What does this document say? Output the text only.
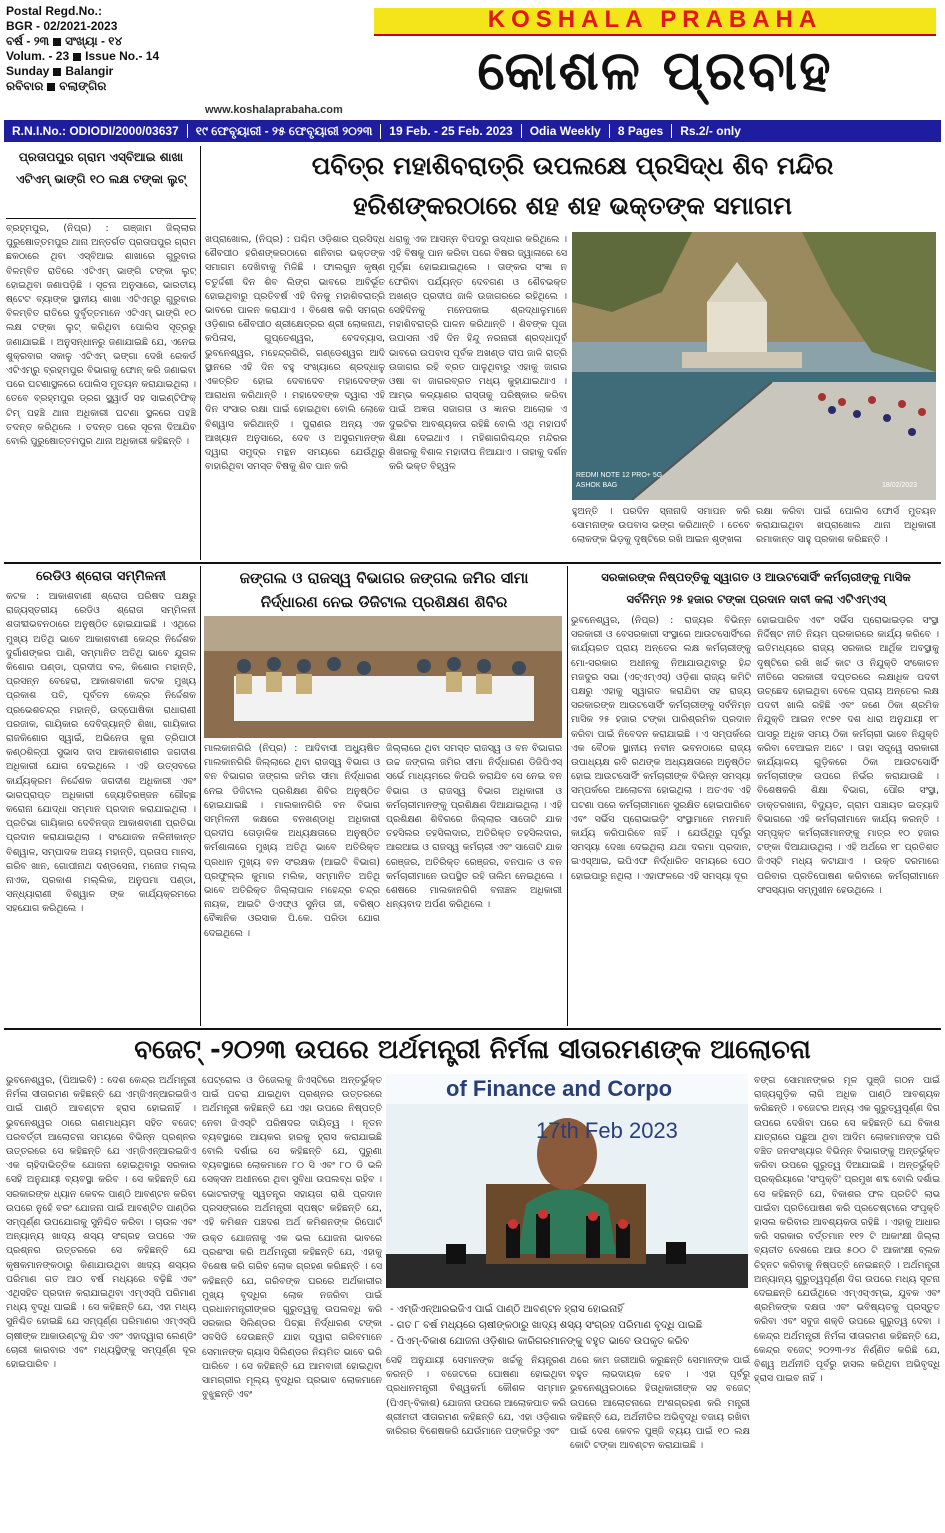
Postal Regd.No.:
BGR - 02/2021-2023
ବର୍ଷ - ୨୩ ସଂଖ୍ୟା - ୧୪
Volum. - 23 Issue No.- 14
Sunday Balangir
ରବିବାର ବଲାଙ୍ଗିର
KOSHALA PRABAHA
କୋଶଳ ପ୍ରବାହ
www.koshalaprabaha.com
R.N.I.No.: ODIODI/2000/03637	୧୯ ଫେବୃୟାରୀ - ୨୫ ଫେବୃୟାରୀ ୨୦୨୩	19 Feb. - 25 Feb. 2023	Odia Weekly	8 Pages	Rs.2/- only
ପ୍ରତାପପୁର ଗ୍ରାମ ଏସ୍‌ବିଆଇ ଶାଖା ଏଟିଏମ୍ ଭାଙ୍ଗି ୧୦ ଲକ୍ଷ ଟଙ୍କା ଲୁଟ୍
ବ୍ରହ୍ମପୁର, (ନିପ୍ର) : ଗଞ୍ଜାମ ଜିଲ୍ଲାର ପୁରୁଷୋତ୍ତମପୁର ଥାନା ଅନ୍ତର୍ଗତ ପ୍ରତାପପୁର ଗ୍ରାମ ଛକଠାରେ ଥିବା ଏସ୍‌ବିଆଇ ଶାଖାରେ ଗୁରୁବାର ବିଳମ୍ବିତ ରାତିରେ ଏଟିଏମ୍ ଭାଙ୍ଗି ଟଙ୍କା ଲୁଟ୍ ହୋଇଥିବା ଜଣାପଡ଼ିଛି । ସୂଚନା ଅନୁସାରେ, ଭାରତୀୟ ଷ୍ଟେଟ ବ୍ୟାଙ୍କ ସ୍ଥାନୀୟ ଶାଖା ଏଟିଏମ୍‌ରୁ ଗୁରୁବାର ବିଳମ୍ବିତ ରାତିରେ ଦୁର୍ବୃତ୍ତମାନେ ଏଟିଏମ୍ ଭାଙ୍ଗି ୧୦ ଲକ୍ଷ ଟଙ୍କା ଲୁଟ୍ କରିଥିବା ପୋଲିସ ସୂତ୍ରରୁ ଜଣାଯାଇଛି । ଅନୁସନ୍ଧାନରୁ ଜଣାଯାଇଛି ଯେ, ଏନେଇ ଶୁକ୍ରବାର ସକାଳୁ ଏଟିଏମ୍ ଭଙ୍ଗା ଦେଖି ରେକର୍ଡ ଏଟିଏମ୍‌ରୁ ବ୍ରହ୍ମପୁର ବିଭାଗକୁ ଫୋନ୍ କରି ଜଣାଇବା ପରେ ଘଟଣାସ୍ଥଳରେ ପୋଲିସ ମୁତୟନ କରାଯାଇଥିଲା । ତେବେ ବ୍ରହ୍ମପୁର ଡ୍ରଗ ସ୍କ୍ୱାର୍ଡ ସହ ସାଇଣ୍ଟିଫିକ୍ ଟିମ୍ ପହଞ୍ଚି ଥାନା ଅଧିକାରୀ ଘଟଣା ସ୍ଥଳରେ ପହଞ୍ଚି ତଦନ୍ତ କରିଥିଲେ । ତଦନ୍ତ ପରେ ସୂଚନା ଦିଆଯିବ ବୋଲି ପୁରୁଷୋତ୍ତମପୁର ଥାନା ଅଧିକାରୀ କହିଛନ୍ତି ।
ପବିତ୍ର ମହାଶିବରାତ୍ରି ଉପଲକ୍ଷେ ପ୍ରସିଦ୍ଧ ଶିବ ମନ୍ଦିର
ହରିଶଙ୍କରଠାରେ ଶହ ଶହ ଭକ୍ତଙ୍କ ସମାଗମ
ଖପ୍ରାଖୋଲ, (ନିପ୍ର) : ପଶ୍ଚିମ ଓଡ଼ିଶାର ପ୍ରସିଦ୍ଧ ଶୈବପୀଠ ହରିଶଙ୍କରଠାରେ ଶନିବାର ଭକ୍ତଙ୍କ ସମାଗମ ଦେଖିବାକୁ ମିଳିଛି । ଫାଲଗୁନ କୃଷ୍ଣ ଚତୁର୍ଦ୍ଦଶୀ ଦିନ ଶିବ ଲିଙ୍ଗ ଭାବରେ ଆବିର୍ଭୂତ ହୋଇଥିବାରୁ ପ୍ରତିବର୍ଷ ଏହି ଦିନକୁ ମହାଶିବରାତ୍ରି ଭାବରେ ପାଳନ କରାଯାଏ । ବିଶେଷ କରି ସମଗ୍ର ଓଡ଼ିଶାର ଶୈବପୀଠ ଶ୍ରୀକ୍ଷେତ୍ରର ଶ୍ରୀ ଲୋକନାଥ, କପିଳାସ, ଗୁପ୍ତେଶ୍ୱର, ବେଦବ୍ୟାସ, ଭୁବନେଶ୍ୱର, ମହେନ୍ଦ୍ରଗିରି, ଗଣ୍ଡେଶ୍ୱର ଆଦି ସ୍ଥାନରେ ଏହି ଦିନ ବହୁ ସଂଖ୍ୟାରେ ଶ୍ରଦ୍ଧାଳୁ ଏକତ୍ରିତ ହୋଇ ଦେବାଦେବ ମହାଦେବଙ୍କ ଆରାଧନା କରିଥାନ୍ତି । ମହାଦେବଙ୍କ ଦ୍ୱାରା ଏହି ଦିନ ସଂସାର ରକ୍ଷା ପାଇଁ ହୋଇଥିବା ବୋଲି ଲୋକେ ବିଶ୍ୱାସ କରିଥାନ୍ତି । ପୁରାଣର ଅନ୍ୟ ଏକ ଆଖ୍ୟାନ ଅନୁସାରେ, ଦେବ ଓ ଅସୁରମାନଙ୍କ ଦ୍ୱାରା ସମୁଦ୍ର ମନ୍ଥନ ସମୟରେ ଯେଉଁଥିରୁ ବାହାରିଥିବା ସମସ୍ତ ବିଷକୁ ଶିବ ପାନ କରି
ଧରାକୁ ଏକ ଆସନ୍ନ ବିପଦରୁ ଉଦ୍ଧାର କରିଥିଲେ । ଏହି ବିଷକୁ ପାନ କରିବା ପରେ ବିଷର ଜ୍ୱାଳାରେ ସେ ମୁର୍ଚ୍ଛା ହୋଇଯାଇଥିଲେ । ତାଙ୍କର ସଂଜ୍ଞା ନ ଫେରିବା ପର୍ଯ୍ୟନ୍ତ ଦେବଗଣ ଓ ଶୈବଭକ୍ତ ଅଖଣ୍ଡ ପ୍ରଦୀପ ଜାଳି ଉଜାଗରରେ ରହିଥିଲେ । ସେହିଦିନକୁ ମନେପକାଇ ଶ୍ରଦ୍ଧାଳୁମାନେ ମହାଶିବରାତ୍ରି ପାଳନ କରିଥାନ୍ତି । ଶିବଙ୍କ ପୂଜା ଉପାସନା ଏହି ଦିନ ହିନ୍ଦୁ ନରନାରୀ ଶ୍ରଦ୍ଧାପୂର୍ବ ଭାବରେ ଉପବାସ ପୂର୍ବକ ଅଖଣ୍ଡ ଦୀପ ଜାଳି ରାତ୍ରି ଉଜାଗର ରହି ବ୍ରତ ପାଳୁଥିବାରୁ ଏହାକୁ ଜାଗର ଓଷା ବା ଜାଗରବ୍ରତ ମଧ୍ୟ କୁହାଯାଇଥାଏ । ଆମ୍ଭ କଳ୍ୟାଣର ରାସ୍ତାକୁ ପରିଷ୍କାର କରିବା ପାଇଁ ଅଜ୍ଞତା ସଜାଗତା ଓ ଜ୍ଞାନର ଆଲୋକ ଏ ଦୁଇଟିର ଆବଶ୍ୟକତା ରହିଛି ବୋଲି ଏଥି ମହାପର୍ବ ଶିକ୍ଷା ଦେଇଥାଏ । ମହିଶାଗରିଶ୍ଚନ୍ଦ୍ର ମନ୍ଦିରର ଶିଖରକୁ ବିଶାଳ ମହାଦୀପ ନିଆଯାଏ । ତାହାକୁ ଦର୍ଶନ କରି ଭକ୍ତ ବିହ୍ୱଳ
REDMI NOTE 12 PRO+ 5G
ASHOK BAG	18/02/2023
ହୁଅନ୍ତି । ପରଦିନ ସ୍ନାନାଦି ସମାପନ କରି ସୋମନାଙ୍କ ଉପବାସ ଭଙ୍ଗ କରିଥାନ୍ତି । ତେବେ ଲୋକଙ୍କ ଭିଡ଼କୁ ଦୃଷ୍ଟିରେ ରଖି ଆଇନ ଶୃଙ୍ଖଳା
ରକ୍ଷା କରିବା ପାଇଁ ପୋଲିସ ଫୋର୍ସ ମୁତୟନ କରାଯାଇଥିବା ଖପ୍ରାଖୋଲ ଥାନା ଅଧିକାରୀ ରମାକାନ୍ତ ସାହୁ ପ୍ରକାଶ କରିଛନ୍ତି ।
ରେଡିଓ ଶ୍ରୋତା ସମ୍ମିଳନୀ
କଟକ : ଆକାଶବାଣୀ ଶ୍ରୋତା ପରିଷଦ ପକ୍ଷରୁ ରାଜ୍ୟସ୍ତରୀୟ ରେଡିଓ ଶ୍ରୋତା ସମ୍ମିଳନୀ ଶତାବ୍ଦୀଭବନଠାରେ ଅନୁଷ୍ଠିତ ହୋଇଯାଇଛି । ଏଥିରେ ମୁଖ୍ୟ ଅତିଥି ଭାବେ ଆକାଶବାଣୀ କେନ୍ଦ୍ର ନିର୍ଦ୍ଦେଶକ ଦୁର୍ଗାଶଙ୍କର ପାଣି, ସମ୍ମାନିତ ଅତିଥି ଭାବେ ଯୁଗଳ କିଶୋର ପଣ୍ଡା, ପ୍ରଦୀପ ବଳ, କିଶୋର ମହାନ୍ତି, ପ୍ରସନ୍ନ ବେହେରା, ଆକାଶବାଣୀ କଟକ ମୁଖ୍ୟ ପ୍ରକାଶ ପତି, ପୂର୍ବତନ କେନ୍ଦ୍ର ନିର୍ଦ୍ଦେଶକ ପ୍ରଭେଶଚନ୍ଦ୍ର ମହାନ୍ତି, ଉଦ୍‌ଘୋଷିକା ରାଧାରାଣୀ ପରଜାକ, ଗାୟିକାର ଦେବିଜ୍ୟାନ୍ତି ଶିଖା, ଗାୟିକାର ରାଜକିଶୋର ସ୍ୱାଇଁ, ଅଭିନେତା କୁନା ତ୍ରିପାଠୀ କଣ୍ଠଶିଳ୍ପୀ ସୁଭାସ ଦାସ ଆକାଶବାଣୀର ଜଗଦୀଶ ଅଧିକାରୀ ଯୋଗ ଦେଇଥିଲେ । ଏହି ଉତ୍ସବରେ କାର୍ଯ୍ୟକ୍ରମ ନିର୍ଦ୍ଦେଶକ ଜଗଦୀଶ ଅଧିକାରୀ ଏବଂ ଭାରପ୍ରାପ୍ତ ଅଧିକାରୀ ଜ୍ୟୋତିରଞ୍ଜନ ଗୌଚ୍ଛ କରୋନା ଯୋଦ୍ଧା ସମ୍ମାନ ପ୍ରଦାନ କରାଯାଇଥିଲା । ପ୍ରତିଭା ଗାୟିକାର ଦେବିନଜ୍ଜ ଆକାଶବାଣୀ ପ୍ରତିଭା ପ୍ରଦାନ କରାଯାଇଥିଲା । ସଂଯୋଜକ ନଳିନୀକାନ୍ତ ବିଶ୍ୱାଳ, ସମ୍ପାଦକ ଅଜୟ ମହାନ୍ତି, ପ୍ରତାପ ମାନସ, ଗରିବ ଖାନ, ଗୋପୀନାଥ ଦଣ୍ଡସେନା, ମନୋଜ ମଲ୍ଲ ନାଏକ, ପ୍ରକାଶ ମଲ୍ଲିକ, ଅନୁପମା ପଣ୍ଡା, ସନ୍ଧ୍ୟାରାଣୀ ବିଶ୍ୱାଳ ଙ୍କ କାର୍ଯ୍ୟକ୍ରମରେ ସହଯୋଗ କରିଥିଲେ ।
ଜଙ୍ଗଲ ଓ ରାଜସ୍ୱ ବିଭାଗର ଜଙ୍ଗଲ ଜମିର ସୀମା
ନିର୍ଦ୍ଧାରଣ ନେଇ ଡିଜିଟାଲ ପ୍ରଶିକ୍ଷଣ ଶିବିର
ମାଲକାନଗିରି (ନିପ୍ର) : ଆଦିବାସୀ ଅଧ୍ୟୁଷିତ ମାଲକାନଗିରି ଜିଲ୍ଲାରେ ଥିବା ରାଜସ୍ୱ ବିଭାଗ ଓ ବନ ବିଭାଗର ଜଙ୍ଗଲ ଜମିର ସୀମା ନିର୍ଦ୍ଧାରଣ ନେଇ ଡିଜିଟାଲ ପ୍ରଶିକ୍ଷଣ ଶିବିର ଅନୁଷ୍ଠିତ ହୋଇଯାଇଛି । ମାଲକାନଗିରି ବନ ବିଭାଗ ସମ୍ମିଳନୀ କକ୍ଷରେ ବନଖଣ୍ଡାଧି ଅଧିକାରୀ ପ୍ରଦୀପ ତୋଡ଼ାଳିକ ଅଧ୍ୟକ୍ଷତାରେ ଅନୁଷ୍ଠିତ କର୍ମଶାଳାରେ ମୁଖ୍ୟ ଅତିଥି ଭାବେ ଅତିରିକ୍ତ ପ୍ରଧାନ ମୁଖ୍ୟ ବନ ସଂରକ୍ଷକ (ଆଇଟି ବିଭାଗ) ପ୍ରଫୁଲ୍ଲ କୁମାର ମଲିକ, ସମ୍ମାନିତ ଅତିଥି ଭାବେ ଅତିରିକ୍ତ ଜିଲ୍ଲାପାଳ ମହେନ୍ଦ୍ର ଚନ୍ଦ୍ର ନାୟକ, ଆଇଟି ଡିଏଫ୍‌ଓ ସୁନିତା ଜୀ, ବରିଷ୍ଠ ବୈଜ୍ଞାନିକ ଓରସାକ ପି.କେ. ପରିଡା ଯୋଗ ଦେଇଥିଲେ ।
ଜିଲ୍ଲାରେ ଥିବା ସମସ୍ତ ରାଜସ୍ୱ ଓ ବନ ବିଭାଗର ଉଚ୍ଚ ଜଙ୍ଗଲ ଜମିର ସୀମା ନିର୍ଦ୍ଧାରଣ ଡିଜିପିଏସ୍ ସର୍ଭେ ମାଧ୍ୟମରେ କିପରି କରାଯିବ ସେ ନେଇ ବନ ବିଭାଗ ଓ ରାଜସ୍ୱ ବିଭାଗ ଅଧିକାରୀ ଓ କର୍ମଚାରୀମାନଙ୍କୁ ପ୍ରଶିକ୍ଷଣ ଦିଆଯାଇଥିଲା । ଏହି ପ୍ରଶିକ୍ଷଣ ଶିବିରରେ ଜିଲ୍ଲାର ସାତୋଟି ଯାକ ତହସିଲର ତହସିଲଦାର, ଅତିରିକ୍ତ ତହସିଲଦାର, ଆରଆଇ ଓ ରାଜସ୍ୱ କର୍ମଚାରୀ ଏବଂ ସାତୋଟି ଯାକ ରେଞ୍ଜର, ଅତିରିକ୍ତ ରେଞ୍ଜର, ବନପାଳ ଓ ବନ କର୍ମଚାରୀମାନେ ଉପସ୍ଥିତ ରହି ତାଲିମ ନେଇଥିଲେ । ଶେଷରେ ମାଲକାନଗିରି ବନାଞ୍ଚଳ ଅଧିକାରୀ ଧନ୍ୟବାଦ ଅର୍ପଣ କରିଥିଲେ ।
ସରକାରଙ୍କ ନିଷ୍ପତ୍ତିକୁ ସ୍ୱାଗତ ଓ ଆଉଟସୋର୍ସିଂ କର୍ମଚାରୀଙ୍କୁ ମାସିକ
ସର୍ବନିମ୍ନ ୨୫ ହଜାର ଟଙ୍କା ପ୍ରଦାନ ଦାବୀ କଲା ଏଟିଏମ୍‌ଏସ୍
ଭୁବନେଶ୍ୱର, (ନିପ୍ର) : ରାଜ୍ୟର ବିଭିନ୍ନ ସରକାରୀ ଓ ବେସରକାରୀ ସଂସ୍ଥାରେ ଆଉଟସୋର୍ସିଂରେ କାର୍ଯ୍ୟରତ ପ୍ରାୟ ଅନ୍ତେର ଲକ୍ଷ କର୍ମଚାରୀଙ୍କୁ ମୋ-ସରକାର ଅଧୀନକୁ ନିଆଯାଉଥିବାରୁ ହିନ୍ଦ ମଜଦୁର ସଭା (ଏଚ୍ଏମ୍ଏସ୍) ଓଡ଼ିଶା ରାଜ୍ୟ କମିଟି ପକ୍ଷରୁ ଏହାକୁ ସ୍ୱାଗତ କରାଯିବା ସହ ରାଜ୍ୟ ସରକାରଙ୍କ ଆଉଟସୋର୍ସିଂ କର୍ମଚାରୀଙ୍କୁ ସର୍ବନିମ୍ନ ମାସିକ ୨୫ ହଜାର ଟଙ୍କା ପାରିଶ୍ରମିକ ପ୍ରଦାନ କରିବା ପାଇଁ ନିବେଦନ କରାଯାଇଛି । ଏ ସମ୍ପର୍କରେ ଏକ ବୈଠକ ସ୍ଥାନୀୟ ନବୀନ ଭବନଠାରେ ରାଜ୍ୟ ଉପାଧ୍ୟକ୍ଷ ରବି ରଥଙ୍କ ଅଧ୍ୟକ୍ଷତାରେ ଅନୁଷ୍ଠିତ ହୋଇ ଆଉଟସୋର୍ସିଂ କର୍ମଚାରୀଙ୍କ ବିଭିନ୍ନ ସମସ୍ୟା ସମ୍ପର୍କରେ ଆଲୋଚନା ହୋଇଥିଲା । ଅତଏବ ଏହି ଘଟଣା ପରେ କର୍ମଚାରୀମାନେ ସୁରକ୍ଷିତ ହୋଇପାରିବେ ଏବଂ ସର୍ଭିସ ପ୍ରୋଭାଇଡ଼ିଂ ସଂସ୍ଥାମାନେ ମନମାନି କାର୍ଯ୍ୟ କରିପାରିବେ ନାହିଁ । ଯେଉଁଥିରୁ ପୂର୍ବରୁ ସମସ୍ୟା ଦେଖା ଦେଇଥିଲା ଯଥା ଦରମା ପ୍ରଦାନ, ଇଏସ୍‌ଆଇ, ଇପିଏଫ ନିର୍ଦ୍ଧାରିତ ସମୟରେ ପେଠ ହୋଇପାରୁ ନଥିଲା । ଏହାଫଳରେ ଏହି ସମସ୍ୟା ଦୂର
ହୋଇପାରିବ ଏବଂ ସର୍ଭିସ ପ୍ରୋଭାଇଡ଼ର ସଂସ୍ଥା ନିର୍ଦ୍ଦିଷ୍ଟ ନୀତି ନିୟମ ପ୍ରକାରରେ କାର୍ଯ୍ୟ କରିବେ । ଇତିମଧ୍ୟରେ ରାଜ୍ୟ ସରକାର ଆର୍ଥିକ ଅବସ୍ଥାକୁ ଦୃଷ୍ଟିରେ ରଖି ଖର୍ଚ୍ଚ କାଟ ଓ ନିଯୁକ୍ତି ସଂକୋଚନ ନୀତିରେ ସରକାରୀ ଦପ୍ତରରେ ଲକ୍ଷାଧିକ ପଦବୀ ଉଚ୍ଛେଦ ହୋଇଥିବା ବେଳେ ପ୍ରାୟ ଅନ୍ତେର ଲକ୍ଷ ପଦବୀ ଖାଲି ରହିଛି ଏବଂ ଜଣେ ଠିକା ଶ୍ରମିକ ନିଯୁକ୍ତି ଆଇନ ୧୯୭୧ ଦଶ ଧାରା ଅନୁଯାୟୀ ୧୮ ପାସରୁ ଅଧିକ ସମୟ ଠିକା କର୍ମଚାରୀ ଭାବେ ନିଯୁକ୍ତି କରିବା ବେଆଇନ ଅଟେ । ତାହା ସତ୍ତ୍ୱେ ସରକାରୀ କାର୍ଯ୍ୟାଳୟ ଗୁଡ଼ିକରେ ଠିକା ଆଉଟସୋର୍ସିଂ କର୍ମଚାରୀଙ୍କ ଉପରେ ନିର୍ଭର କରାଯାଉଛି । ବିଶେଷକରି ଶିକ୍ଷା ବିଭାଗ, ପୌର ସଂସ୍ଥା, ଡାକ୍ତରଖାନା, ବିଦ୍ୟୁତ, ଗ୍ରାମ ପଞ୍ଚାୟତ ଇତ୍ୟାଦି ବିଭାଗରେ ଏହି କର୍ମଚାରୀମାନେ କାର୍ଯ୍ୟ କରନ୍ତି । ସମ୍ପୃକ୍ତ କର୍ମଚାରୀମାନଙ୍କୁ ମାତ୍ର ୧୦ ହଜାର ଟଙ୍କା ଦିଆଯାଉଥିଲା । ଏହି ଅର୍ଥରେ ୧୮ ପ୍ରତିଶତ ଜିଏସ୍‌ଟି ମଧ୍ୟ କଟାଯାଏ । ଉକ୍ତ ଦରମାରେ ପରିବାର ପ୍ରତିପୋଷଣ କରିବାରେ କର୍ମଚାରୀମାନେ ସଂସସ୍ୟାର ସମ୍ମୁଖୀନ ହେଉଥିଲେ ।
ବଜେଟ୍ -୨୦୨୩ ଉପରେ ଅର୍ଥମନ୍ତ୍ରୀ ନିର୍ମଳା ସୀତାରମଣଙ୍କ ଆଲୋଚନା
ଭୁବନେଶ୍ୱର, (ପିଆଇବି) : ଦେଶ କେନ୍ଦ୍ର ଅର୍ଥମନ୍ତ୍ରୀ ନିର୍ମଳା ସୀତାରମଣ କହିଛନ୍ତି ଯେ ଏମ୍‌ଜିଏନ୍‌ଆରଇଜିଏ ପାଇଁ ପାଣ୍ଠି ଆବଣ୍ଟନ ହ୍ରାସ ହୋଇନାହିଁ । ଭୁବନେଶ୍ୱର ଠାରେ ଗଣମାଧ୍ୟମ ସହିତ ବଜେଟ୍ ପରବର୍ତ୍ତୀ ଆଲୋଚନା ସମୟରେ ବିଭିନ୍ନ ପ୍ରଶ୍ନର ଉତ୍ତରରେ ସେ କହିଛନ୍ତି ଯେ ଏମ୍‌ଜିଏନ୍‌ଆରଇଜିଏ ଏକ ଚାହିଦାଭିତ୍ତିକ ଯୋଜନା ହୋଇଥିବାରୁ ସରକାର ସେହି ଅନୁଯାୟୀ ବ୍ୟବସ୍ଥା କରିବ । ସେ କହିଛନ୍ତି ଯେ ସରକାରଙ୍କ ଧ୍ୟାନ କେବଳ ପାଣ୍ଠି ଆବଣ୍ଟନ କରିବା ଉପରେ ନୁହେଁ ବରଂ ଯୋଜନା ପାଇଁ ଆବଣ୍ଟିତ ପାଣ୍ଠିର ସମ୍ପୂର୍ଣ୍ଣ ଉପଯୋଗକୁ ସୁନିଶ୍ଚିତ କରିବା । ଚାଉଳ ଏବଂ ଅନ୍ୟାନ୍ୟ ଖାଦ୍ୟ ଶସ୍ୟ ସଂଗ୍ରହ ଉପରେ ଏକ ପ୍ରଶ୍ନର ଉତ୍ତରରେ ସେ କହିଛନ୍ତି ଯେ କୃଷକମାନଙ୍କଠାରୁ କିଣାଯାଉଥିବା ଖାଦ୍ୟ ଶସ୍ୟର ପରିମାଣ ଗତ ଆଠ ବର୍ଷ ମଧ୍ୟରେ ବଢ଼ିଛି ଏବଂ ଏଥିସହିତ ପ୍ରଦାନ କରାଯାଇଥିବା ଏମ୍‌ଏସ୍‌ପି ପରିମାଣ ମଧ୍ୟ ବୃଦ୍ଧି ପାଇଛି । ସେ କହିଛନ୍ତି ଯେ, ଏହା ମଧ୍ୟ ସୁନିଶ୍ଚିତ ହୋଇଛି ଯେ ସମ୍ପୂର୍ଣ୍ଣ ପରିମାଣର ଏମ୍‌ଏସ୍‌ପି ଚାଷୀଙ୍କ ଆକାଉଣ୍ଟକୁ ଯିବ ଏବଂ ଏହାଦ୍ୱାରା ଲେଣ୍ଡିଂ ଚୋରୀ କାରବାର ଏବଂ ମଧ୍ୟସ୍ଥିଙ୍କୁ ସମ୍ପୂର୍ଣ୍ଣ ଦୂର ହୋଇପାରିବ ।
ପେଟ୍ରୋଲ ଓ ଡିଜେଲକୁ ଜିଏସ୍‌ଟିରେ ଅନ୍ତର୍ଭୁକ୍ତ ପାଇଁ ପଚରା ଯାଇଥିବା ପ୍ରଶ୍ନର ଉତ୍ତରରେ ଅର୍ଥମନ୍ତ୍ରୀ କହିଛନ୍ତି ଯେ ଏହା ଉପରେ ନିଷ୍ପତ୍ତି ନେବା ଜିଏସ୍‌ଟି ପରିଷଦର ଦାୟିତ୍ୱ । ନୂତନ ବ୍ୟବସ୍ଥାରେ ଆୟକର ହାରକୁ ହ୍ରାସ କରାଯାଇଛି ବୋଲି ଦର୍ଶାଇ ସେ କହିଛନ୍ତି ଯେ, ପୁରୁଣା ବ୍ୟବସ୍ଥାରେ ଲୋକମାନେ ୮୦ ସି ଏବଂ ୮୦ ଡି ଭଳି ସେକ୍ସନ ଅଧୀନରେ ଥିବା ସୁବିଧା ଉପଲବ୍ଧ ରହିବ । ଭୋଟରଙ୍କୁ ସ୍ୱତନ୍ତ୍ର ସହାୟତା ରାଶି ପ୍ରଦାନ ପ୍ରସଙ୍ଗରେ ଅର୍ଥମନ୍ତ୍ରୀ ସ୍ପଷ୍ଟ କହିଛନ୍ତି ଯେ, ଏହି କମିଶନ ପଞ୍ଚଦଶ ଅର୍ଥ କମିଶନଙ୍କ ରିପୋର୍ଟ
of Finance and Corpo
17th Feb 2023
- ଏମ୍‌ଜିଏନ୍‌ଆରଇଜିଏ ପାଇଁ ପାଣ୍ଠି ଆବଣ୍ଟନ ହ୍ରାସ ହୋଇନାହିଁ
- ଗତ ୮ ବର୍ଷ ମଧ୍ୟରେ ଚାଷୀଙ୍କଠାରୁ ଖାଦ୍ୟ ଶସ୍ୟ ସଂଗ୍ରହ ପରିମାଣ ବୃଦ୍ଧି ପାଇଛି
- ପିଏମ୍-ବିକାଶ ଯୋଜନା ଓଡ଼ିଶାର କାରିଗରମାନଙ୍କୁ ବହୁତ ଭାବେ ଉପକୃତ କରିବ
ଉକ୍ତ ଯୋଜନାକୁ ଏକ ଭଲ ଯୋଜନା ଭାବରେ ପ୍ରଶଂସା କରି ଅର୍ଥମନ୍ତ୍ରୀ କହିଛନ୍ତି ଯେ, ଏହାକୁ ବିଶେଷ କରି ଗରିବ ଲୋକ ଗ୍ରହଣ କରିଛନ୍ତି । ସେ କହିଛନ୍ତି ଯେ, ଗରିବଙ୍କ ଘରରେ ଅର୍ଥକାରୀର ମୁଖ୍ୟ ବୃଦ୍ଧିର ଲୋକ ନଜରିବା ପାଇଁ ପ୍ରଧାନମନ୍ତ୍ରୀଙ୍କର ଗୁରୁତ୍ୱକୁ ଉପଲବ୍ଧି କରି ସରକାର ସିଲିଣ୍ଡର ପିଚ୍ଛା ନିର୍ଦ୍ଧାରଣ ଟଙ୍କା ସବସିଡି ଦେଉଛନ୍ତି ଯାହା ଦ୍ୱାରା ଗରିବମାନେ ସେମାନଙ୍କ ଗ୍ୟାସ ସିଲିଣ୍ଡର ନିୟମିତ ଭାବେ ଭରି ପାରିବେ । ସେ କହିଛନ୍ତି ଯେ ଆମବାଜୀ ହୋଇଥିବା ସାମଗ୍ରୀର ମୂଲ୍ୟ ବୃଦ୍ଧିର ପ୍ରଭାବ ଲୋକମାନେ ବୁଝୁଛନ୍ତି ଏବଂ
ସେହି ଅନୁଯାୟୀ ସେମାନଙ୍କ ଖର୍ଚ୍ଚକୁ ନିୟନ୍ତ୍ରଣ କରନ୍ତି । ବଜେଟରେ ଘୋଷଣା ହୋଇଥିବା ପ୍ରଧାନମନ୍ତ୍ରୀ ବିଶ୍ୱକର୍ମା କୌଶଳ ସମ୍ମାନ (ପିଏମ୍-ବିକାଶ) ଯୋଜନା ଉପରେ ଆଲୋକପାତ କରି ଶ୍ରୀମତୀ ସୀତାରମଣ କହିଛନ୍ତି ଯେ, ଏହା ଓଡ଼ିଶାର କାରିଗର ବିଶେଷକରି ଯେଉଁମାନେ ପଙ୍କତିରୁ ଏବଂ
ଥରେ କାମ ଜରୀଆରି କରୁଛନ୍ତି ସେମାନଙ୍କ ପାଇଁ ବହୁତ ଲାଭଦାୟକ ହେବ । ଏହା ପୂର୍ବରୁ ଭୁବନେଶ୍ୱରଠାରେ ହିତାଧିକାରୀଙ୍କ ସହ ବଜେଟ୍ ଉପରେ ଆଲୋଚନାରେ ଅଂଶଗ୍ରହଣ କରି ମନ୍ତ୍ରୀ କହିଛନ୍ତି ଯେ, ଅର୍ଥନୀତିର ଅଭିବୃଦ୍ଧି ବଜାୟ ରଖିବା ପାଇଁ ଦେଶ କେବଳ ପୁଞ୍ଜି ବ୍ୟୟ ପାଇଁ ୧୦ ଲକ୍ଷ କୋଟି ଟଙ୍କା ଆବଣ୍ଟନ କରାଯାଇଛି ।
ବଙ୍ଗ ସୋମାନଙ୍କର ମୂଳ ପୁଞ୍ଜି ଗଠନ ପାଇଁ ରାଜ୍ୟଗୁଡ଼ିକ ଲାଗି ଅଧିକ ପାଣ୍ଠି ଆବଶ୍ୟକ କରିଛନ୍ତି । ବଜେଟର ଅନ୍ୟ ଏକ ଗୁରୁତ୍ୱପୂର୍ଣ୍ଣ ଦିଗ ଉପରେ ଦେଖିବା ପରେ ସେ କହିଛନ୍ତି ଯେ ବିକାଶ ଯାତ୍ରାରେ ପଛୁଆ ଥିବା ଆଦିମ ଲୋକମାନଙ୍କ ପରି ବଞ୍ଚିତ ଜନସଂଖ୍ୟାର ବିଭିନ୍ନ ବିଭାଗଙ୍କୁ ଅନ୍ତର୍ଭୁକ୍ତ କରିବା ଉପରେ ଗୁରୁତ୍ୱ ଦିଆଯାଇଛି । ଅନ୍ତର୍ଭୁକ୍ତି ପ୍ରକ୍ରିୟାରେ 'ସଂପୃକ୍ତି' ପ୍ରମୁଖ ଶବ୍ଦ ବୋଲି ଦର୍ଶାଇ ସେ କହିଛନ୍ତି ଯେ, ବିକାଶର ଫଳ ପ୍ରତିଟି ଲାଭ ପାଇଁବା ପ୍ରତିପୋଷଣ କରି ପ୍ରଚେଷ୍ଟାରେ ସଂପୃକ୍ତି ହାସଲ କରିବାର ଆବଶ୍ୟକତା ରହିଛି । ଏହାକୁ ଆଧାର କରି ସରକାର ବର୍ତ୍ତମାନ ୧୧୨ ଟି ଆକାଂକ୍ଷୀ ଜିଲ୍ଲା ବ୍ୟତୀତ ଦେଶରେ ଆଉ ୫୦୦ ଟି ଆକାଂକ୍ଷୀ ବ୍ଲକ ଚିହ୍ନଟ କରିବାକୁ ନିଷ୍ପତ୍ତି ନେଇଛନ୍ତି । ଅର୍ଥମନ୍ତ୍ରୀ ଅନ୍ୟାନ୍ୟ ଗୁରୁତ୍ୱପୂର୍ଣ୍ଣ ଦିଗ ଉପରେ ମଧ୍ୟ ସୂଚନା ଦେଇଛନ୍ତି ଯେଉଁଥିରେ ଏମ୍‌ଏସ୍‌ଏମ୍‌ଇ, ଯୁବକ ଏବଂ ଶ୍ରମିକଙ୍କ ଦକ୍ଷତା ଏବଂ ଭବିଷ୍ୟତକୁ ପ୍ରସ୍ତୁତ କରିବା ଏବଂ ସବୁଜ ଶକ୍ତି ଉପରେ ଗୁରୁତ୍ୱ ଦେବା । କେନ୍ଦ୍ର ଅର୍ଥମନ୍ତ୍ରୀ ନିର୍ମଳା ସୀତାରମଣ କହିଛନ୍ତି ଯେ, କେନ୍ଦ୍ର ବଜେଟ୍ ୨୦୨୩-୨୪ ନିର୍ଣ୍ଣିତ କରିଛି ଯେ, ବିଶ୍ୱ ଅର୍ଥନୀତି ପୂର୍ବରୁ ହାସଲ କରିଥିବା ଅଭିବୃଦ୍ଧି ହ୍ରାସ ପାଇବ ନାହିଁ ।
